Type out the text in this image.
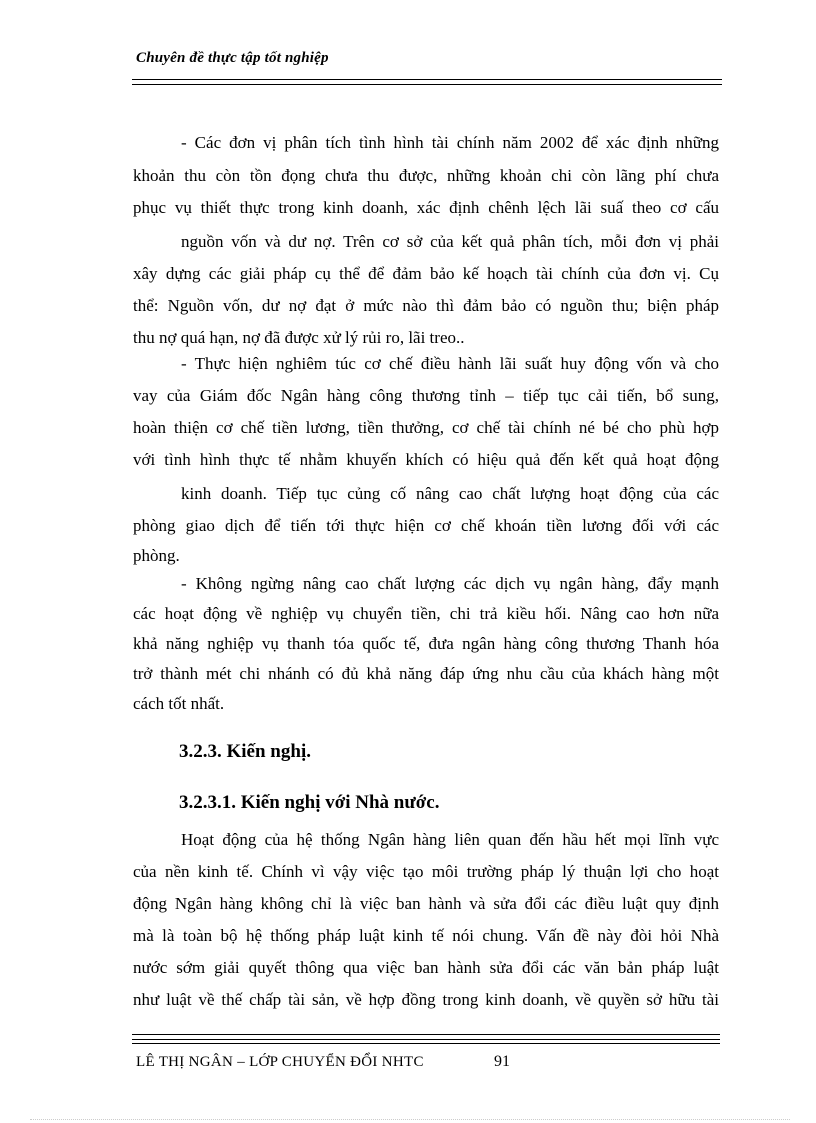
Chuyên đề thực tập tốt nghiệp
- Các đơn vị phân tích tình hình tài chính năm 2002 để xác định những
khoản thu còn tồn đọng chưa thu được, những khoản chi còn lãng phí chưa
phục vụ thiết thực trong kinh doanh, xác định chênh lệch lãi suấ theo cơ cấu
nguồn vốn và dư nợ. Trên cơ sở của kết quả phân tích, mỗi đơn vị phải
xây dựng các giải pháp cụ thể để đảm bảo kế hoạch tài chính của đơn vị. Cụ
thể: Nguồn vốn, dư nợ đạt ở mức nào thì đảm bảo có nguồn thu; biện pháp
thu nợ quá hạn, nợ đã được xử lý rủi ro, lãi treo..
- Thực hiện nghiêm túc cơ chế điều hành lãi suất huy động vốn và cho
vay của Giám đốc Ngân hàng công thương tỉnh – tiếp tục cải tiến, bổ sung,
hoàn thiện cơ chế tiền lương, tiền thưởng, cơ chế tài chính né bé cho phù hợp
với tình hình thực tế nhằm khuyến khích có hiệu quả đến kết quả hoạt động
kinh doanh. Tiếp tục củng cố nâng cao chất lượng hoạt động của các
phòng giao dịch để tiến tới thực hiện cơ chế khoán tiền lương đối với các
phòng.
- Không ngừng nâng cao chất lượng các dịch vụ ngân hàng, đẩy mạnh
các hoạt động về nghiệp vụ chuyển tiền, chi trả kiều hối. Nâng cao hơn nữa
khả năng nghiệp vụ thanh tóa quốc tế, đưa ngân hàng công thương Thanh hóa
trở thành mét chi nhánh có đủ khả năng đáp ứng nhu cầu của khách hàng một
cách tốt nhất.
3.2.3. Kiến nghị.
3.2.3.1. Kiến nghị với Nhà nước.
Hoạt động của hệ thống Ngân hàng liên quan đến hầu hết mọi lĩnh vực
của nền kinh tế. Chính vì vậy việc tạo môi trường pháp lý thuận lợi cho hoạt
động Ngân hàng không chỉ là việc ban hành và sửa đổi các điều luật quy định
mà là toàn bộ hệ thống pháp luật kinh tế nói chung. Vấn đề này đòi hỏi Nhà
nước sớm giải quyết thông qua việc ban hành sửa đổi các văn bản pháp luật
như luật về thế chấp tài sản, về hợp đồng trong kinh doanh, về quyền sở hữu tài
LÊ THỊ NGÂN – LỚP CHUYỂN ĐỔI NHTC	91
